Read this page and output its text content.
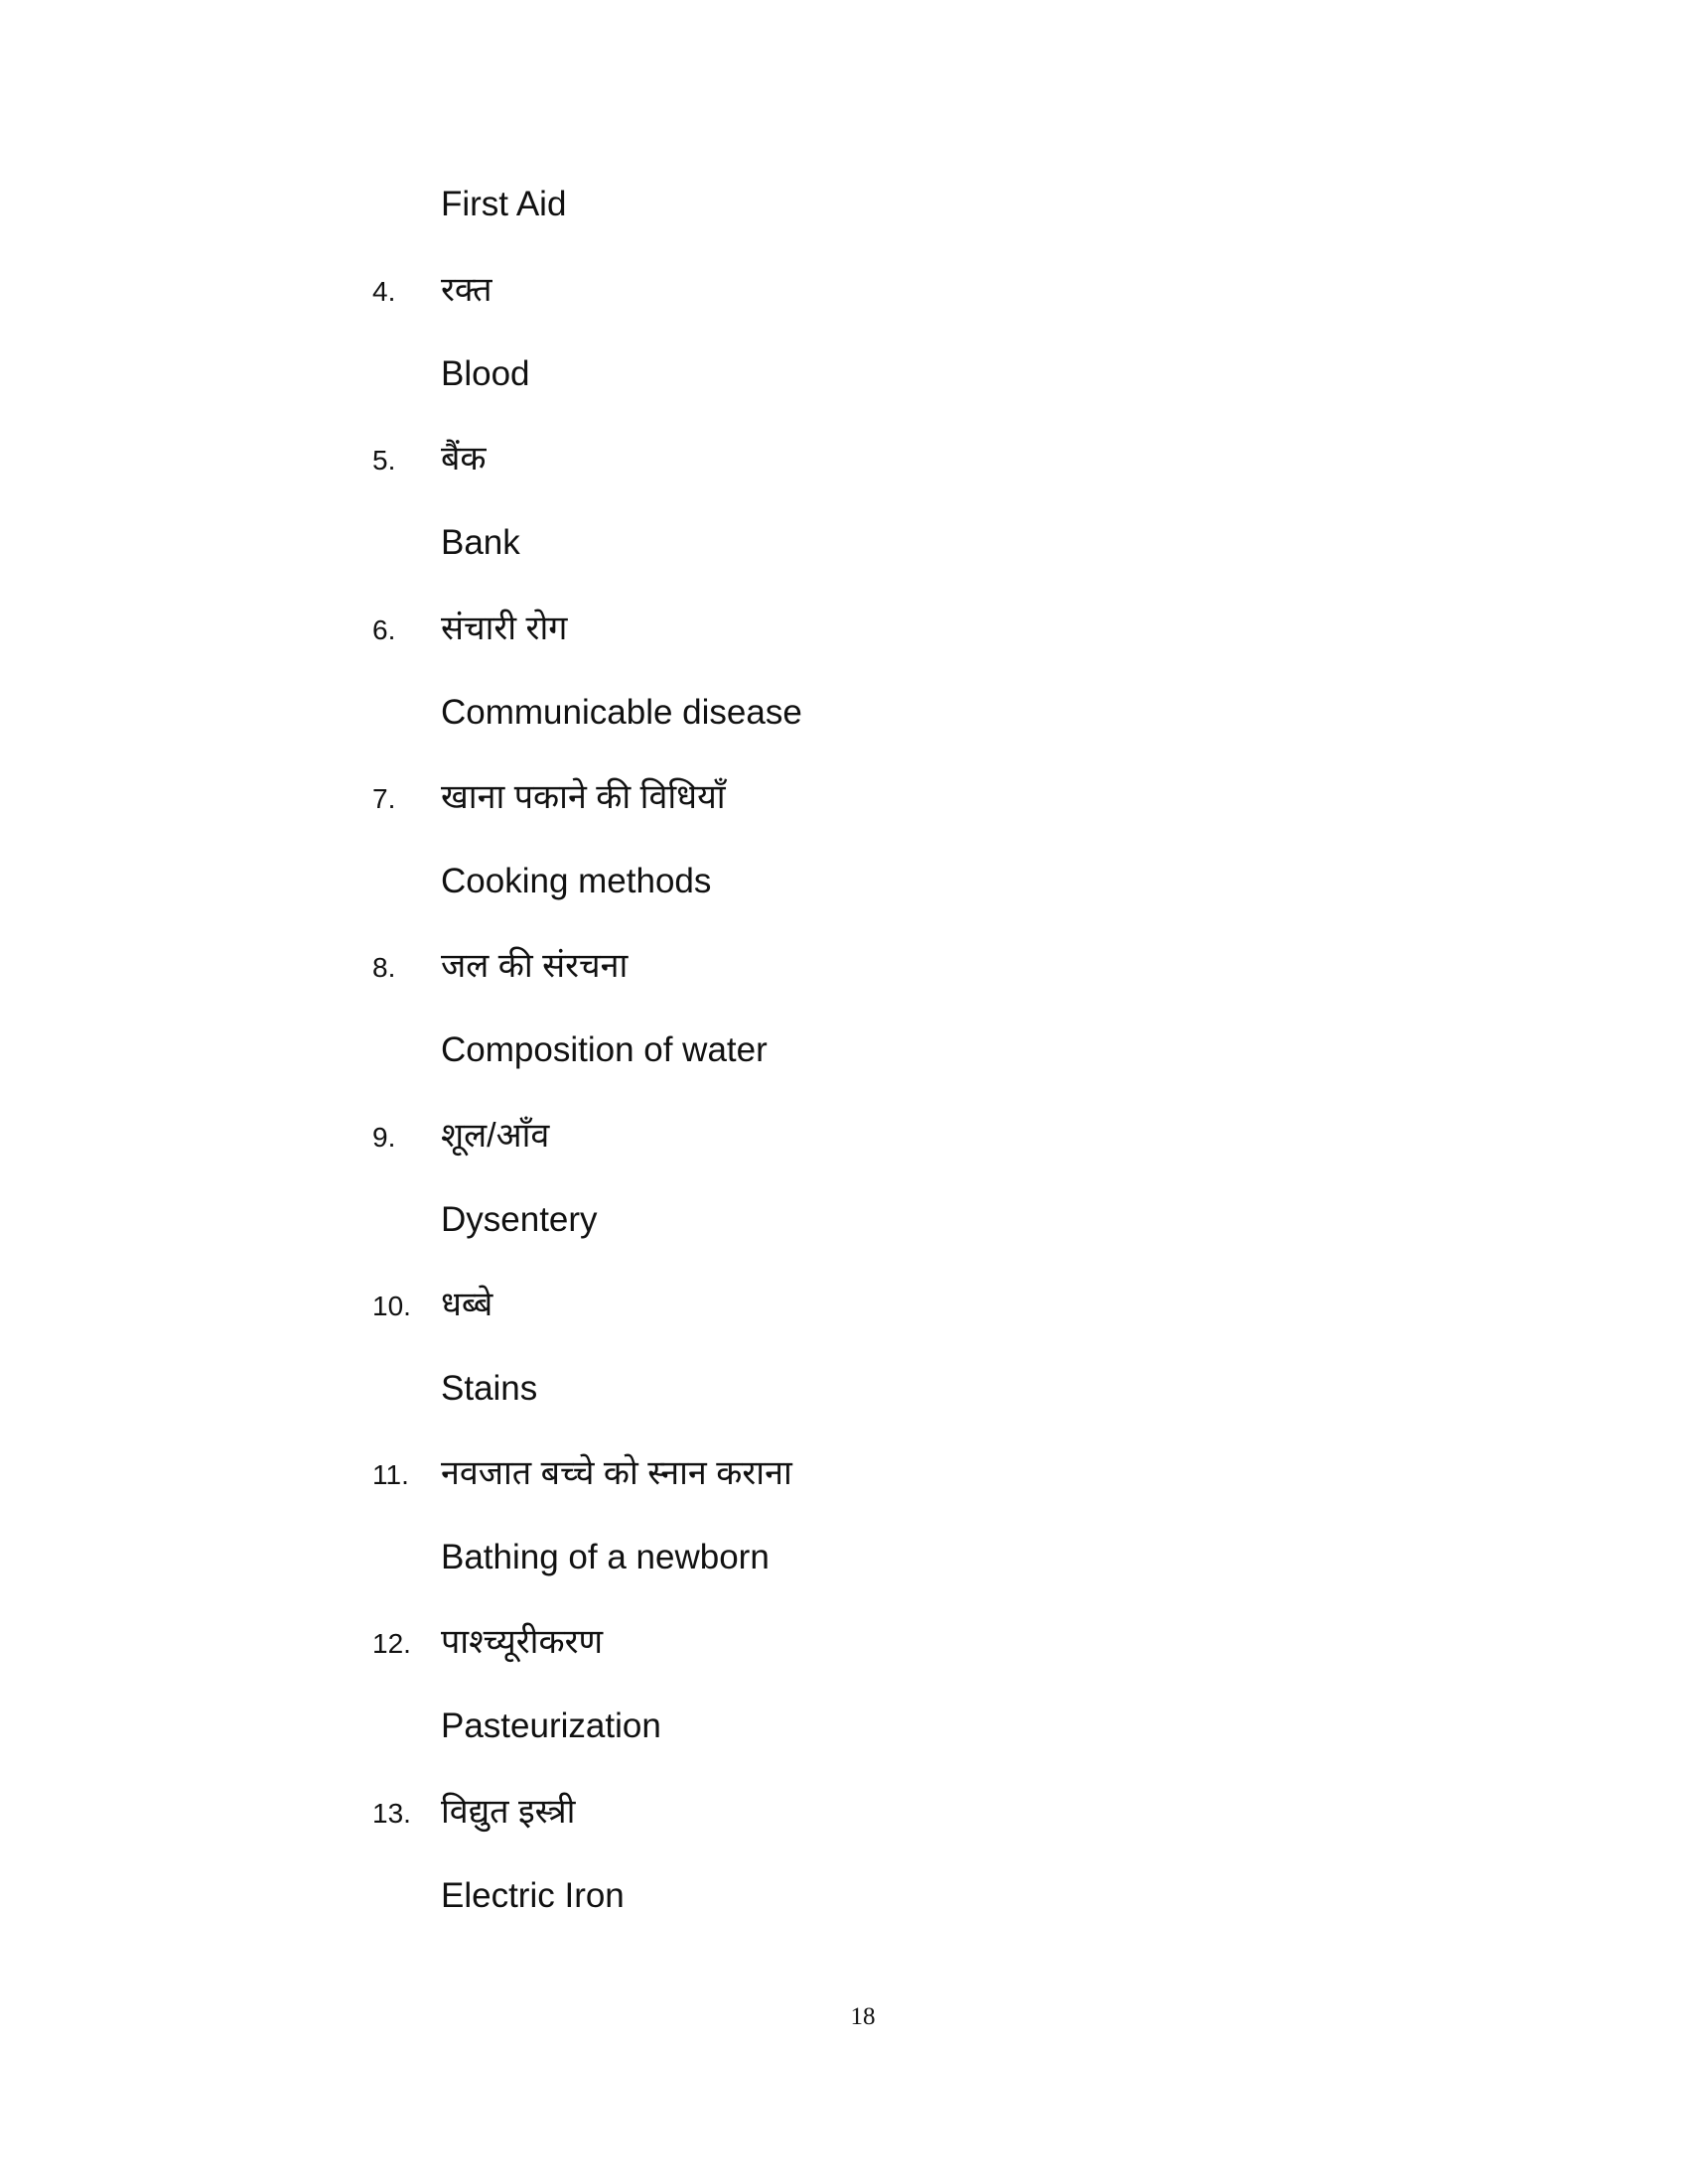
First Aid
4. रक्त
Blood
5. बैंक
Bank
6. संचारी रोग
Communicable disease
7. खाना पकाने की विधियाँ
Cooking methods
8. जल की संरचना
Composition of water
9. शूल/आँव
Dysentery
10. धब्बे
Stains
11. नवजात बच्चे को स्नान कराना
Bathing of a newborn
12. पाश्च्यूरीकरण
Pasteurization
13. विद्युत इस्त्री
Electric Iron
18
